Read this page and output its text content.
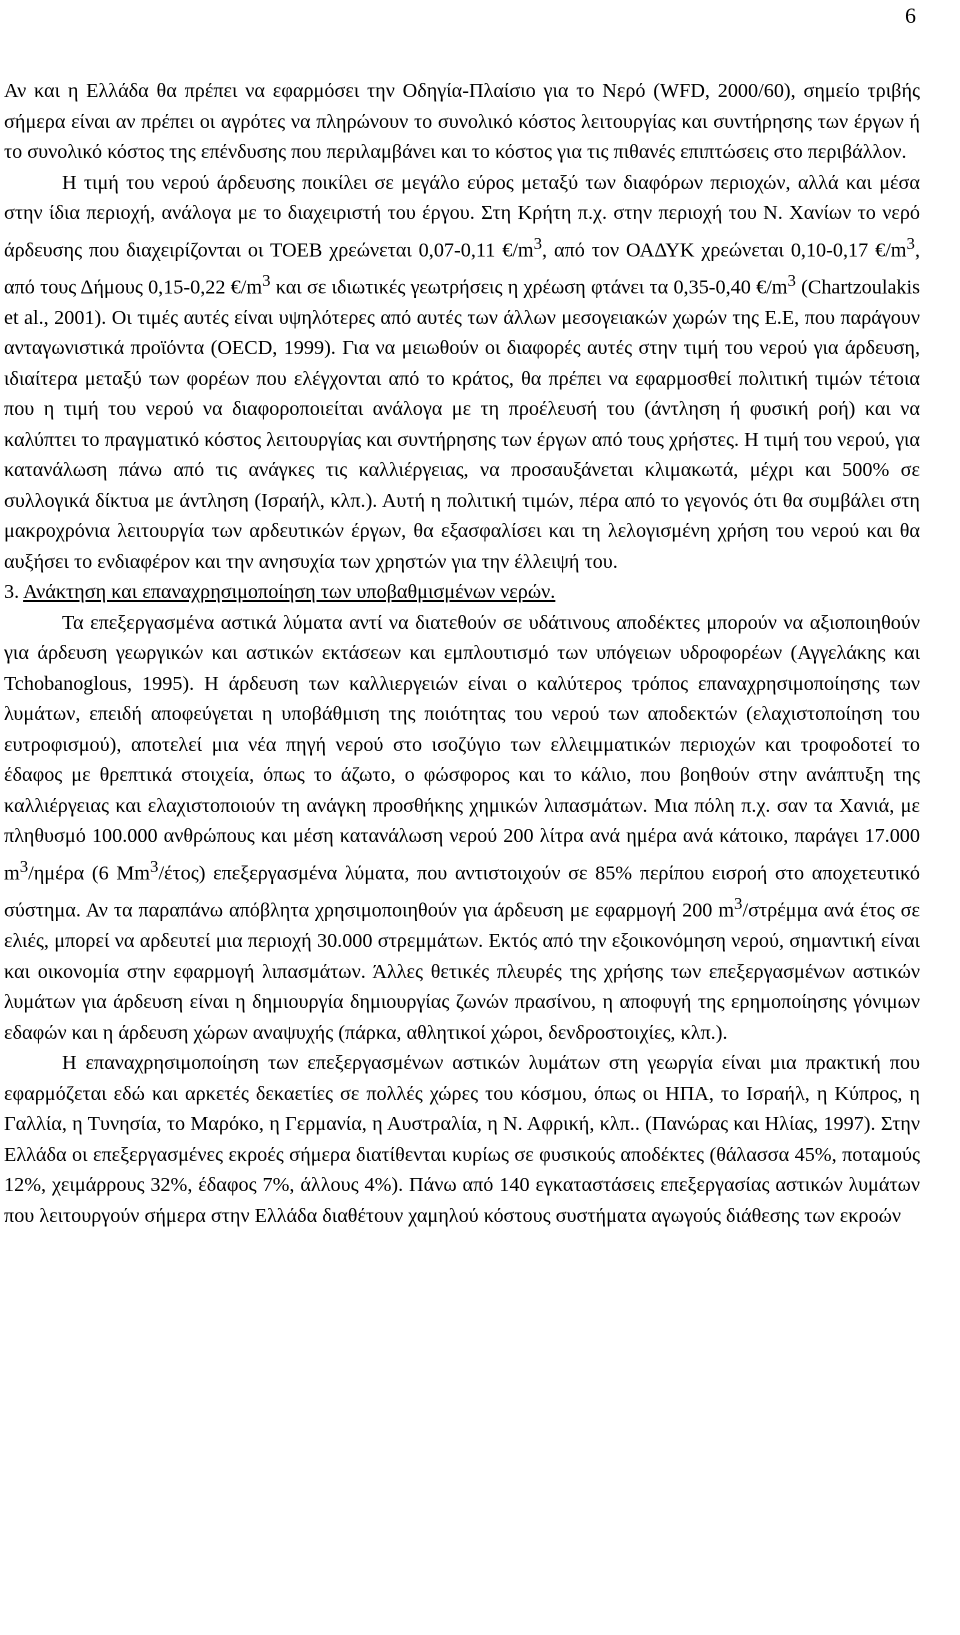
6

Αν και η Ελλάδα θα πρέπει να εφαρμόσει την Οδηγία-Πλαίσιο για το Νερό (WFD, 2000/60), σημείο τριβής σήμερα είναι αν πρέπει οι αγρότες να πληρώνουν το συνολικό κόστος λειτουργίας και συντήρησης των έργων ή το συνολικό κόστος της επένδυσης που περιλαμβάνει και το κόστος για τις πιθανές επιπτώσεις στο περιβάλλον.

Η τιμή του νερού άρδευσης ποικίλει σε μεγάλο εύρος μεταξύ των διαφόρων περιοχών, αλλά και μέσα στην ίδια περιοχή, ανάλογα με το διαχειριστή του έργου. Στη Κρήτη π.χ. στην περιοχή του Ν. Χανίων το νερό άρδευσης που διαχειρίζονται οι ΤΟΕΒ χρεώνεται 0,07-0,11 $€/m^3$, από τον ΟΑΔΥΚ χρεώνεται 0,10-0,17 $€/m^3$, από τους Δήμους 0,15-0,22 $€/m^3$ και σε ιδιωτικές γεωτρήσεις η χρέωση φτάνει τα 0,35-0,40 $€/m^3$ (Chartzoulakis et al., 2001). Οι τιμές αυτές είναι υψηλότερες από αυτές των άλλων μεσογειακών χωρών της Ε.Ε, που παράγουν ανταγωνιστικά προϊόντα (OECD, 1999). Για να μειωθούν οι διαφορές αυτές στην τιμή του νερού για άρδευση, ιδιαίτερα μεταξύ των φορέων που ελέγχονται από το κράτος, θα πρέπει να εφαρμοσθεί πολιτική τιμών τέτοια που η τιμή του νερού να διαφοροποιείται ανάλογα με τη προέλευσή του (άντληση ή φυσική ροή) και να καλύπτει το πραγματικό κόστος λειτουργίας και συντήρησης των έργων από τους χρήστες. Η τιμή του νερού, για κατανάλωση πάνω από τις ανάγκες τις καλλιέργειας, να προσαυξάνεται κλιμακωτά, μέχρι και 500% σε συλλογικά δίκτυα με άντληση (Ισραήλ, κλπ.). Αυτή η πολιτική τιμών, πέρα από το γεγονός ότι θα συμβάλει στη μακροχρόνια λειτουργία των αρδευτικών έργων, θα εξασφαλίσει και τη λελογισμένη χρήση του νερού και θα αυξήσει το ενδιαφέρον και την ανησυχία των χρηστών για την έλλειψή του.

3. Ανάκτηση και επαναχρησιμοποίηση των υποβαθμισμένων νερών.

Τα επεξεργασμένα αστικά λύματα αντί να διατεθούν σε υδάτινους αποδέκτες μπορούν να αξιοποιηθούν για άρδευση γεωργικών και αστικών εκτάσεων και εμπλουτισμό των υπόγειων υδροφορέων (Αγγελάκης και Tchobanoglous, 1995). Η άρδευση των καλλιεργειών είναι ο καλύτερος τρόπος επαναχρησιμοποίησης των λυμάτων, επειδή αποφεύγεται η υποβάθμιση της ποιότητας του νερού των αποδεκτών (ελαχιστοποίηση του ευτροφισμού), αποτελεί μια νέα πηγή νερού στο ισοζύγιο των ελλειμματικών περιοχών και τροφοδοτεί το έδαφος με θρεπτικά στοιχεία, όπως το άζωτο, ο φώσφορος και το κάλιο, που βοηθούν στην ανάπτυξη της καλλιέργειας και ελαχιστοποιούν τη ανάγκη προσθήκης χημικών λιπασμάτων. Μια πόλη π.χ. σαν τα Χανιά, με πληθυσμό 100.000 ανθρώπους και μέση κατανάλωση νερού 200 λίτρα ανά ημέρα ανά κάτοικο, παράγει 17.000 $m^3$/ημέρα (6 Mm$^3$/έτος) επεξεργασμένα λύματα, που αντιστοιχούν σε 85% περίπου εισροή στο αποχετευτικό σύστημα. Αν τα παραπάνω απόβλητα χρησιμοποιηθούν για άρδευση με εφαρμογή 200 $m^3$/στρέμμα ανά έτος σε ελιές, μπορεί να αρδευτεί μια περιοχή 30.000 στρεμμάτων. Εκτός από την εξοικονόμηση νερού, σημαντική είναι και οικονομία στην εφαρμογή λιπασμάτων. Άλλες θετικές πλευρές της χρήσης των επεξεργασμένων αστικών λυμάτων για άρδευση είναι η δημιουργία δημιουργίας ζωνών πρασίνου, η αποφυγή της ερημοποίησης γόνιμων εδαφών και η άρδευση χώρων αναψυχής (πάρκα, αθλητικοί χώροι, δενδροστοιχίες, κλπ.).

Η επαναχρησιμοποίηση των επεξεργασμένων αστικών λυμάτων στη γεωργία είναι μια πρακτική που εφαρμόζεται εδώ και αρκετές δεκαετίες σε πολλές χώρες του κόσμου, όπως οι ΗΠΑ, το Ισραήλ, η Κύπρος, η Γαλλία, η Τυνησία, το Μαρόκο, η Γερμανία, η Αυστραλία, η Ν. Αφρική, κλπ.. (Πανώρας και Ηλίας, 1997). Στην Ελλάδα οι επεξεργασμένες εκροές σήμερα διατίθενται κυρίως σε φυσικούς αποδέκτες (θάλασσα 45%, ποταμούς 12%, χειμάρρους 32%, έδαφος 7%, άλλους 4%). Πάνω από 140 εγκαταστάσεις επεξεργασίας αστικών λυμάτων που λειτουργούν σήμερα στην Ελλάδα διαθέτουν χαμηλού κόστους συστήματα αγωγούς διάθεσης των εκροών
